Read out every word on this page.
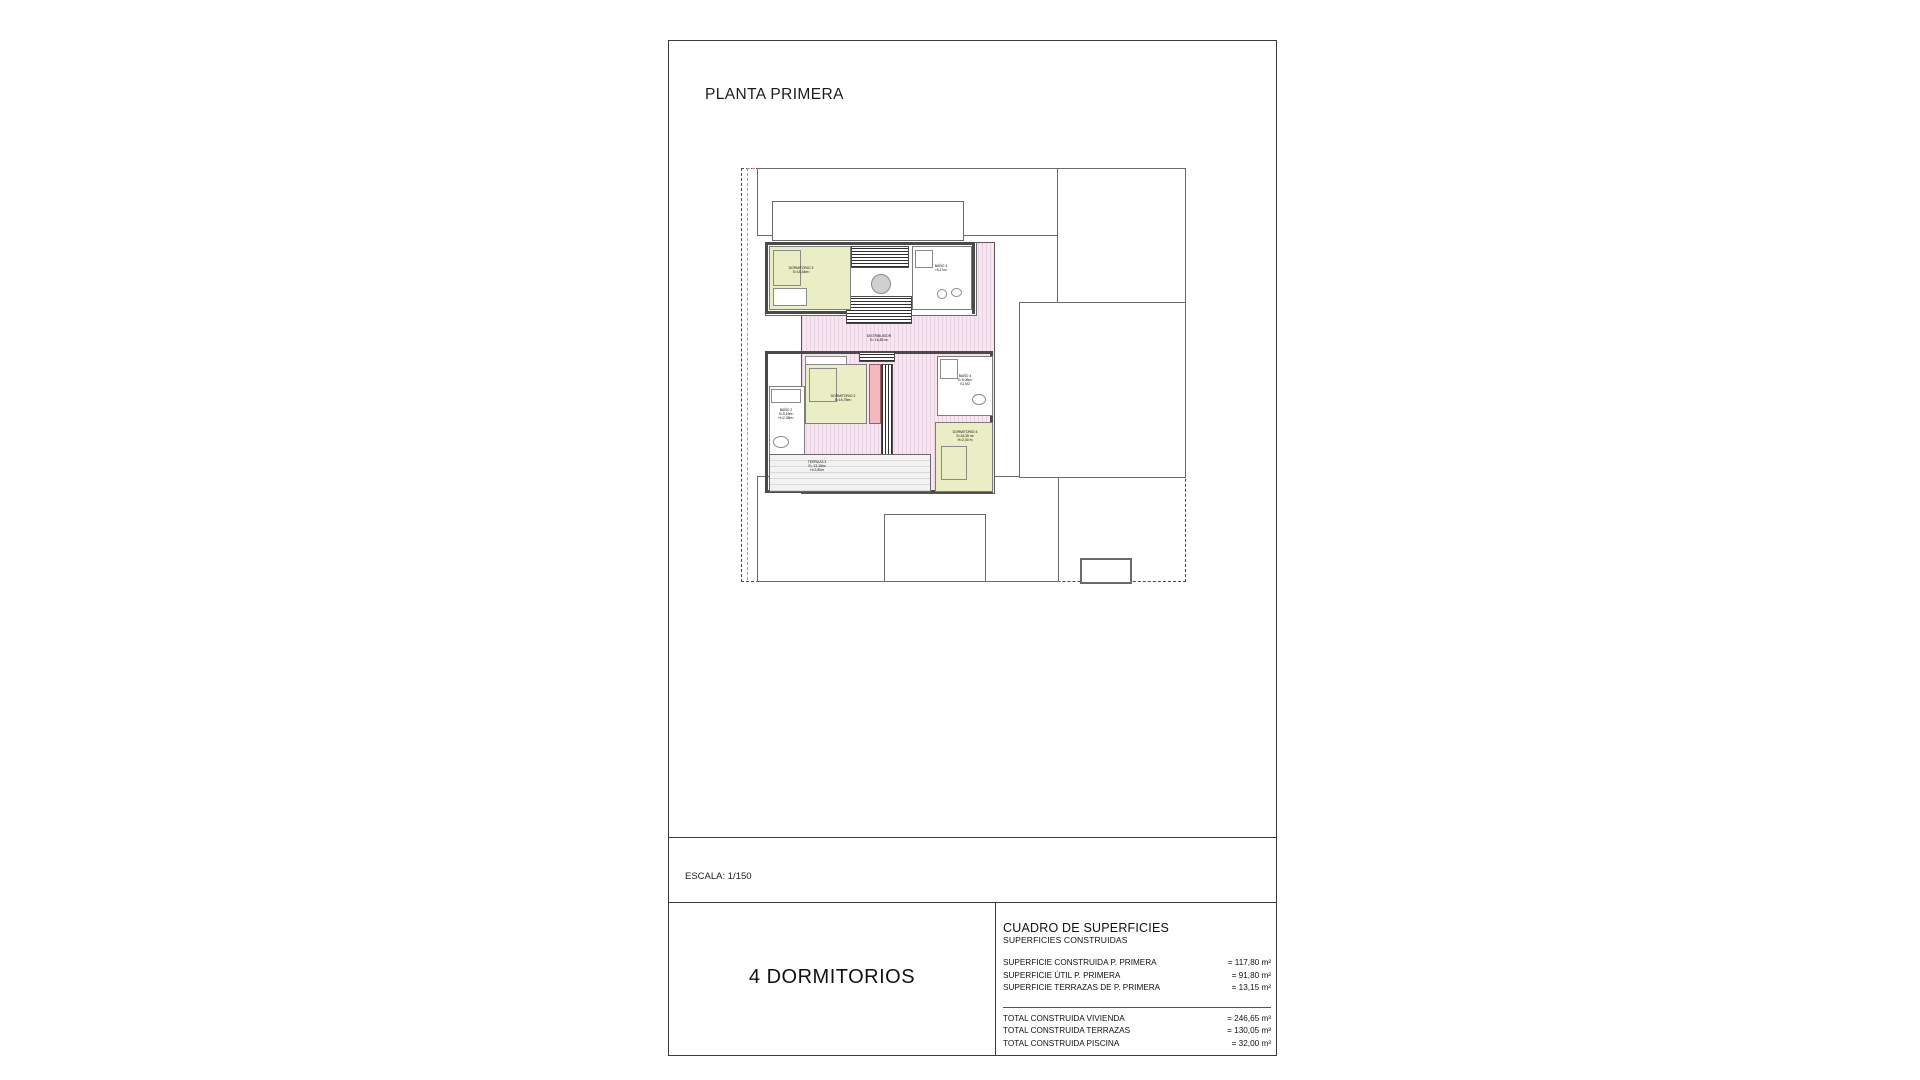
PLANTA PRIMERA
DORMITORIO 3
S=15,44m²
BAÑO 3
=5,17m²
DISTRIBUIDOR
S= 16,85 m²
DORMITORIO 2
S=16,75m²
BAÑO 2
S=5,15m²
H=2,35m²
BAÑO 4
S=5,08m²
S1 M2
DORMITORIO 4
S=16,35 m²
H=2,40 m
TERRAZA 3
S= 13,15m²
H=2,80m
ESCALA: 1/150
4 DORMITORIOS
CUADRO DE SUPERFICIES
SUPERFICIES CONSTRUIDAS
SUPERFICIE CONSTRUIDA P. PRIMERA	= 117,80 m²
SUPERFICIE ÚTIL P. PRIMERA	= 91,80 m²
SUPERFICIE TERRAZAS DE P. PRIMERA	= 13,15 m²
TOTAL CONSTRUIDA VIVIENDA	= 246,65 m³
TOTAL CONSTRUIDA TERRAZAS	= 130,05 m³
TOTAL CONSTRUIDA PISCINA	= 32,00 m³
